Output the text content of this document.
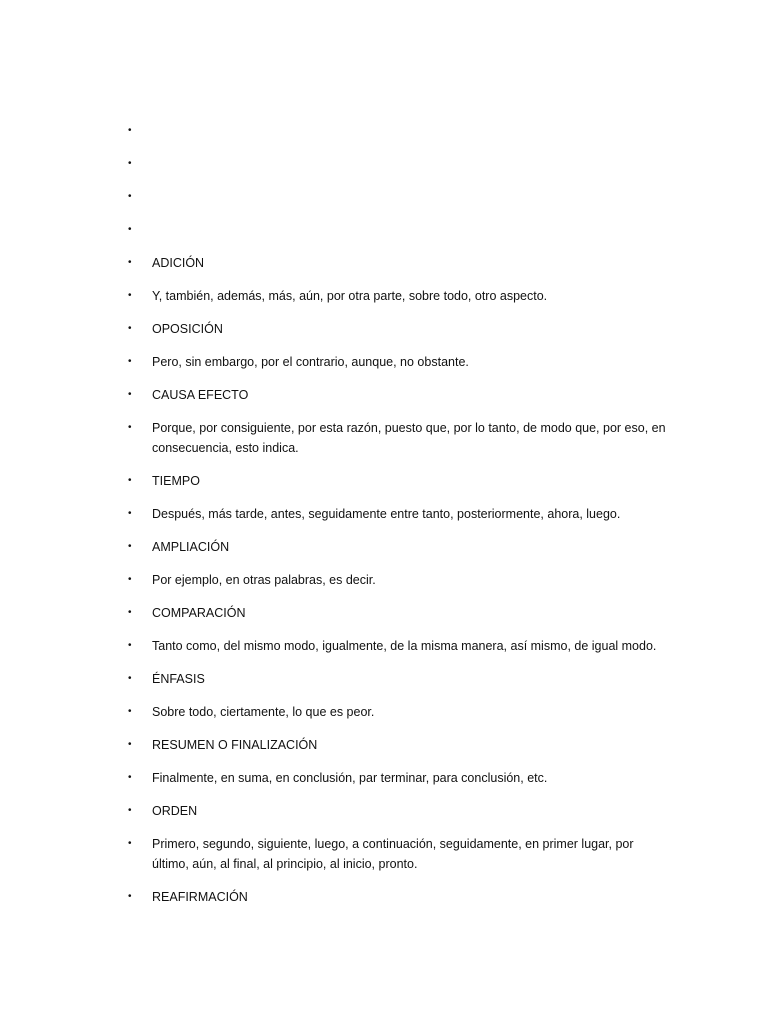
•
•
•
•
•	ADICIÓN
•	Y, también, además, más, aún, por otra parte, sobre todo, otro aspecto.
•	OPOSICIÓN
•	Pero, sin embargo, por el contrario, aunque, no obstante.
•	CAUSA EFECTO
•	Porque, por consiguiente, por esta razón, puesto que, por lo tanto, de modo que, por eso, en consecuencia, esto indica.
•	TIEMPO
•	Después, más tarde, antes, seguidamente entre tanto, posteriormente, ahora, luego.
•	AMPLIACIÓN
•	Por ejemplo, en otras palabras, es decir.
•	COMPARACIÓN
•	Tanto como, del mismo modo, igualmente, de la misma manera, así mismo, de igual modo.
•	ÉNFASIS
•	Sobre todo, ciertamente, lo que es peor.
•	RESUMEN O FINALIZACIÓN
•	Finalmente, en suma, en conclusión, par terminar, para conclusión, etc.
•	ORDEN
•	Primero, segundo, siguiente, luego, a continuación, seguidamente, en primer lugar, por último, aún, al final, al principio, al inicio, pronto.
•	REAFIRMACIÓN
